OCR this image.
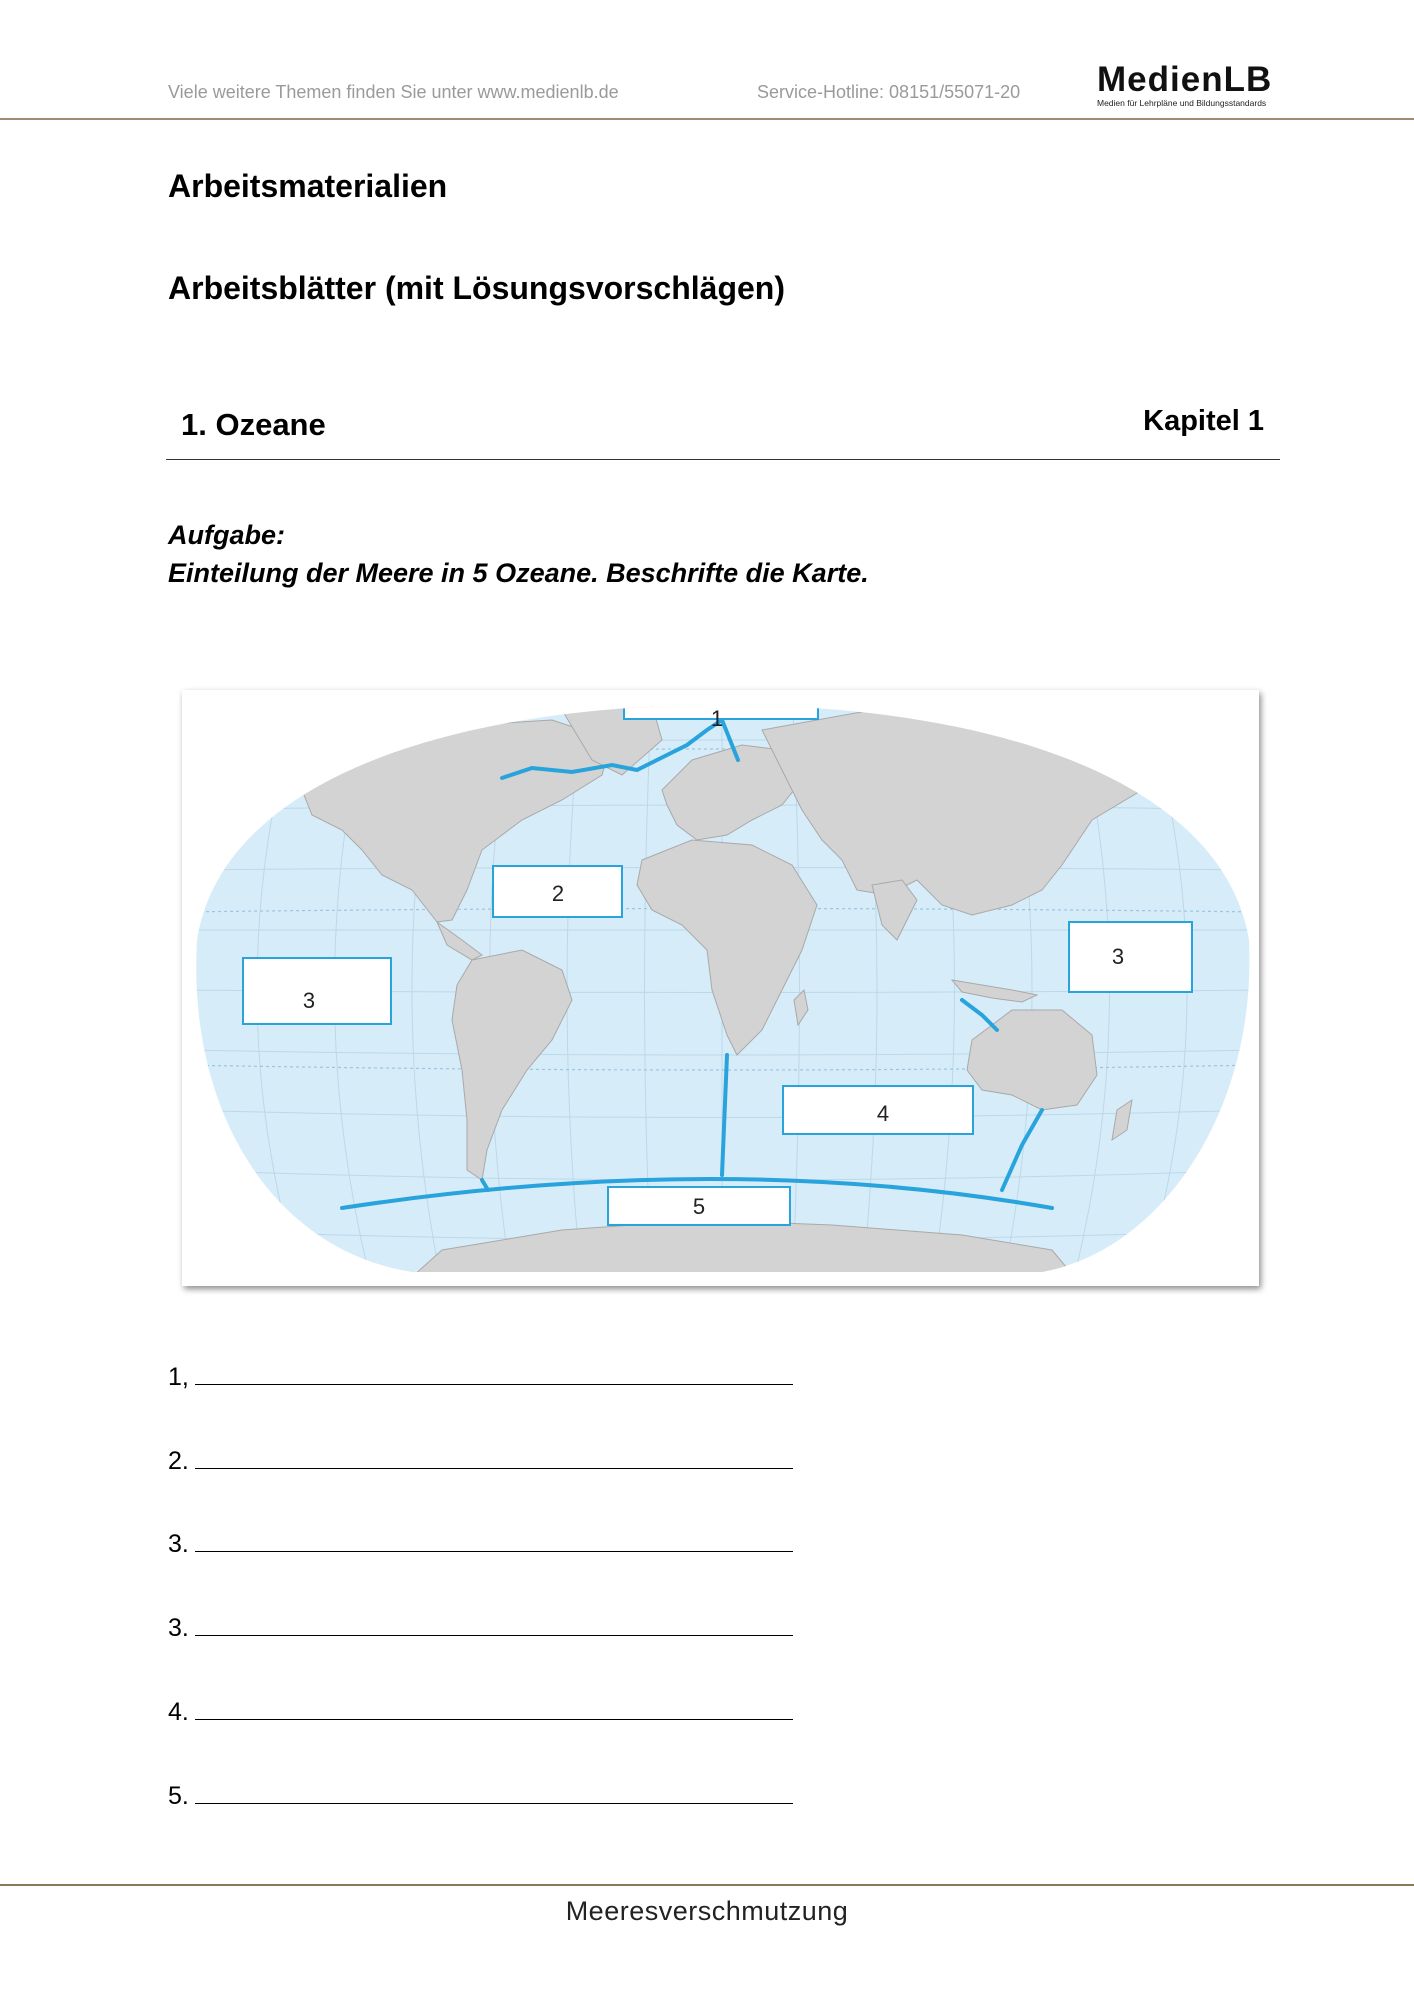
Viele weitere Themen finden Sie unter www.medienlb.de	Service-Hotline: 08151/55071-20 MedienLB
Medien für Lehrpläne und Bildungsstandards
Arbeitsmaterialien
Arbeitsblätter (mit Lösungsvorschlägen)
1. Ozeane	Kapitel 1
Aufgabe:
Einteilung der Meere in 5 Ozeane. Beschrifte die Karte.
1
2
3
3
4
5
1,
2.
3.
3.
4.
5.
Meeresverschmutzung
